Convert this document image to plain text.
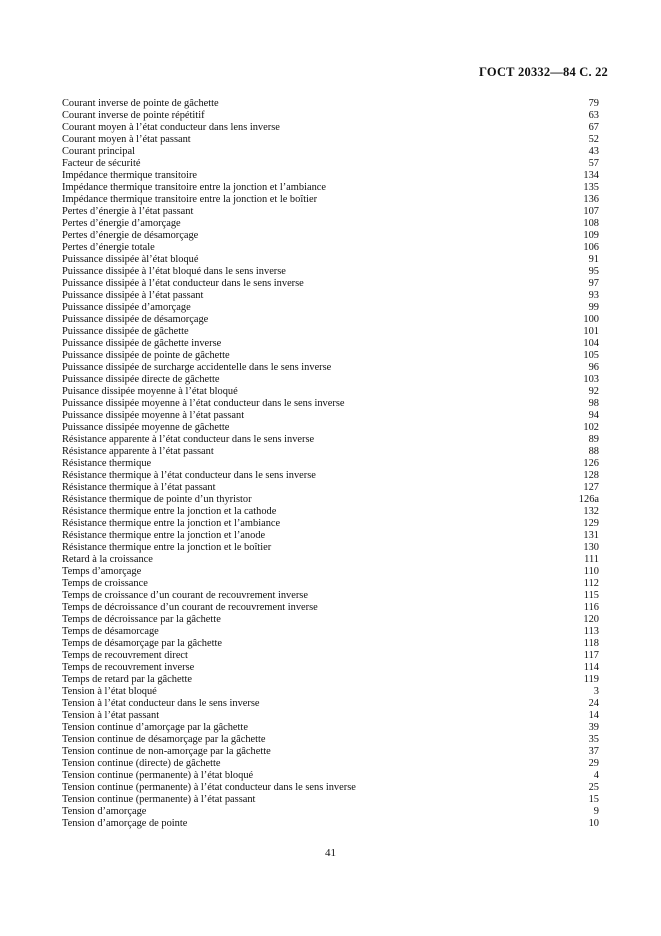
ГОСТ 20332—84 С. 22
Courant inverse de pointe de gâchette	79
Courant inverse de pointe répétitif	63
Courant moyen à l’état conducteur dans lens inverse	67
Courant moyen à l’état passant	52
Courant principal	43
Facteur de sécurité	57
Impédance thermique transitoire	134
Impédance thermique transitoire entre la jonction et l’ambiance	135
Impédance thermique transitoire entre la jonction et le boîtier	136
Pertes d’énergie à l’état passant	107
Pertes d’énergie d’amorçage	108
Pertes d’énergie de désamorçage	109
Pertes d’énergie totale	106
Puissance dissipée àl’état bloqué	91
Puissance dissipée à l’état bloqué dans le sens inverse	95
Puissance dissipée à l’état conducteur dans le sens inverse	97
Puissance dissipée à l’état passant	93
Puissance dissipée d’amorçage	99
Puissance dissipée de désamorçage	100
Puissance dissipée de gâchette	101
Puissance dissipée de gâchette inverse	104
Puissance dissipée de pointe de gâchette	105
Puissance dissipée de surcharge accidentelle dans le sens inverse	96
Puissance dissipée directe de gâchette	103
Puisance dissipée moyenne à l’état bloqué	92
Puissance dissipée moyenne à l’état conducteur dans le sens inverse	98
Puissance dissipée moyenne à l’état passant	94
Puissance dissipée moyenne de gâchette	102
Résistance apparente à l’état conducteur dans le sens inverse	89
Résistance apparente à l’état passant	88
Résistance thermique	126
Résistance thermique à l’état conducteur dans le sens inverse	128
Résistance thermique à l’état passant	127
Résistance thermique de pointe d’un thyristor	126а
Résistance thermique entre la jonction et la cathode	132
Résistance thermique entre la jonction et l’ambiance	129
Résistance thermique entre la jonction et l’anode	131
Résistance thermique entre la jonction et le boîtier	130
Retard à la croissance	111
Temps d’amorçage	110
Temps de croissance	112
Temps de croissance d’un courant de recouvrement inverse	115
Temps de décroissance d’un courant de recouvrement inverse	116
Temps de décroissance par la gâchette	120
Temps de désamorcage	113
Temps de désamorçage par la gâchette	118
Temps de recouvrement direct	117
Temps de recouvrement inverse	114
Temps de retard par la gâchette	119
Tension à l’état bloqué	3
Tension à l’état conducteur dans le sens inverse	24
Tension à l’état passant	14
Tension continue d’amorçage par la gâchette	39
Tension continue de désamorçage par la gâchette	35
Tension continue de non-amorçage par la gâchette	37
Tension continue (directe) de gâchette	29
Tension continue (permanente) à l’état bloqué	4
Tension continue (permanente) à l’état conducteur dans le sens inverse	25
Tension continue (permanente) à l’état passant	15
Tension d’amorçage	9
Tension d’amorçage de pointe	10
41
